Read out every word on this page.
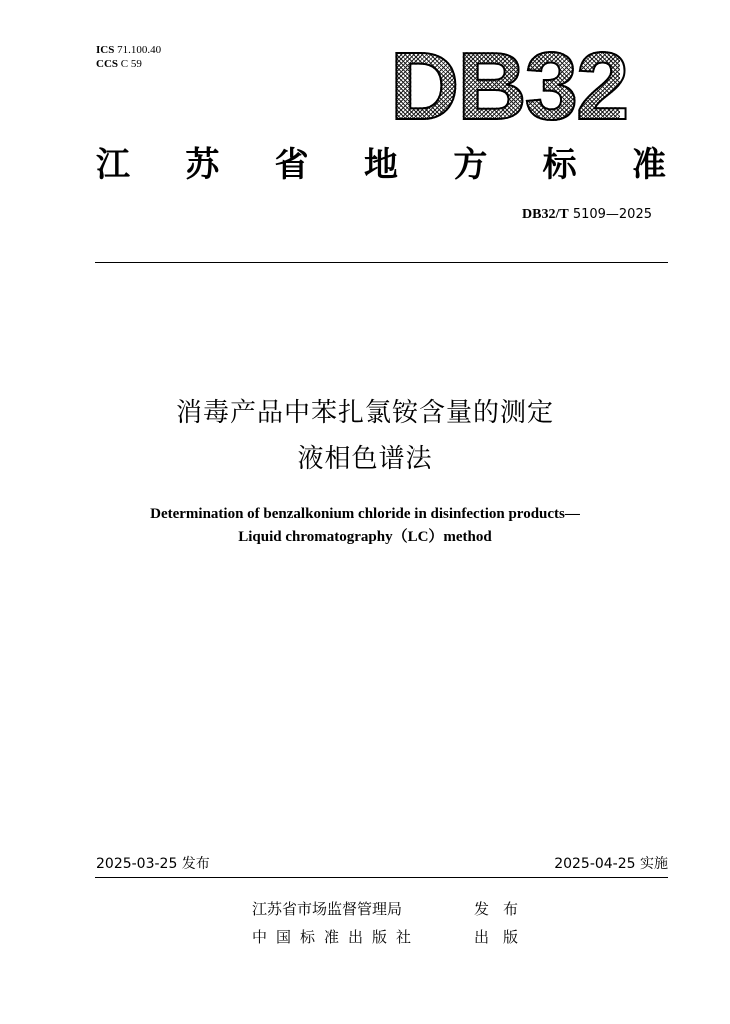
ICS 71.100.40
CCS C 59	DB32
江 苏 省 地 方 标 准
DB32/T 5109—2025
消毒产品中苯扎氯铵含量的测定
液相色谱法
Determination of benzalkonium chloride in disinfection products—
Liquid chromatography（LC）method
2025-03-25 发布	2025-04-25 实施
江苏省市场监督管理局	发布
中国标准出版社	出版
